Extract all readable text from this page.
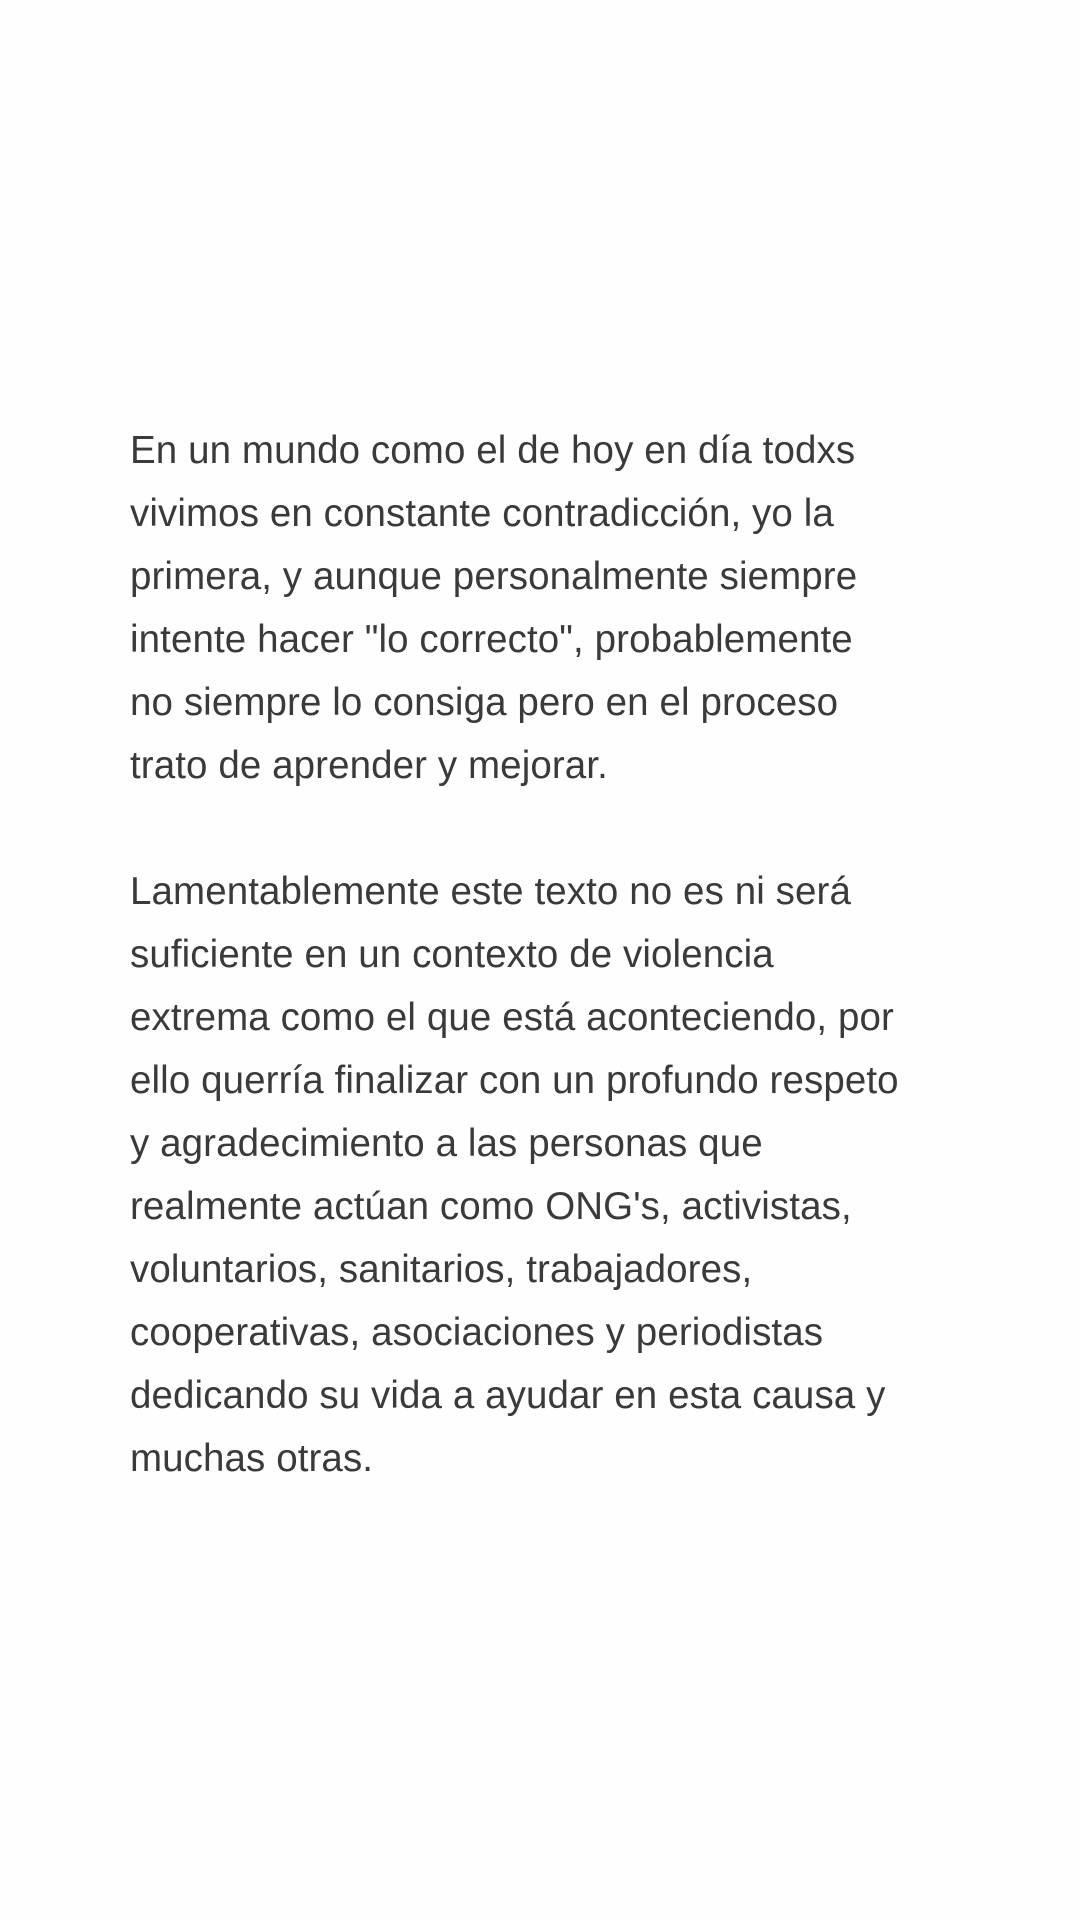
En un mundo como el de hoy en día todxs
vivimos en constante contradicción, yo la
primera, y aunque personalmente siempre
intente hacer "lo correcto", probablemente
no siempre lo consiga pero en el proceso
trato de aprender y mejorar.

Lamentablemente este texto no es ni será
suficiente en un contexto de violencia
extrema como el que está aconteciendo, por
ello querría finalizar con un profundo respeto
y agradecimiento a las personas que
realmente actúan como ONG's, activistas,
voluntarios, sanitarios, trabajadores,
cooperativas, asociaciones y periodistas
dedicando su vida a ayudar en esta causa y
muchas otras.
